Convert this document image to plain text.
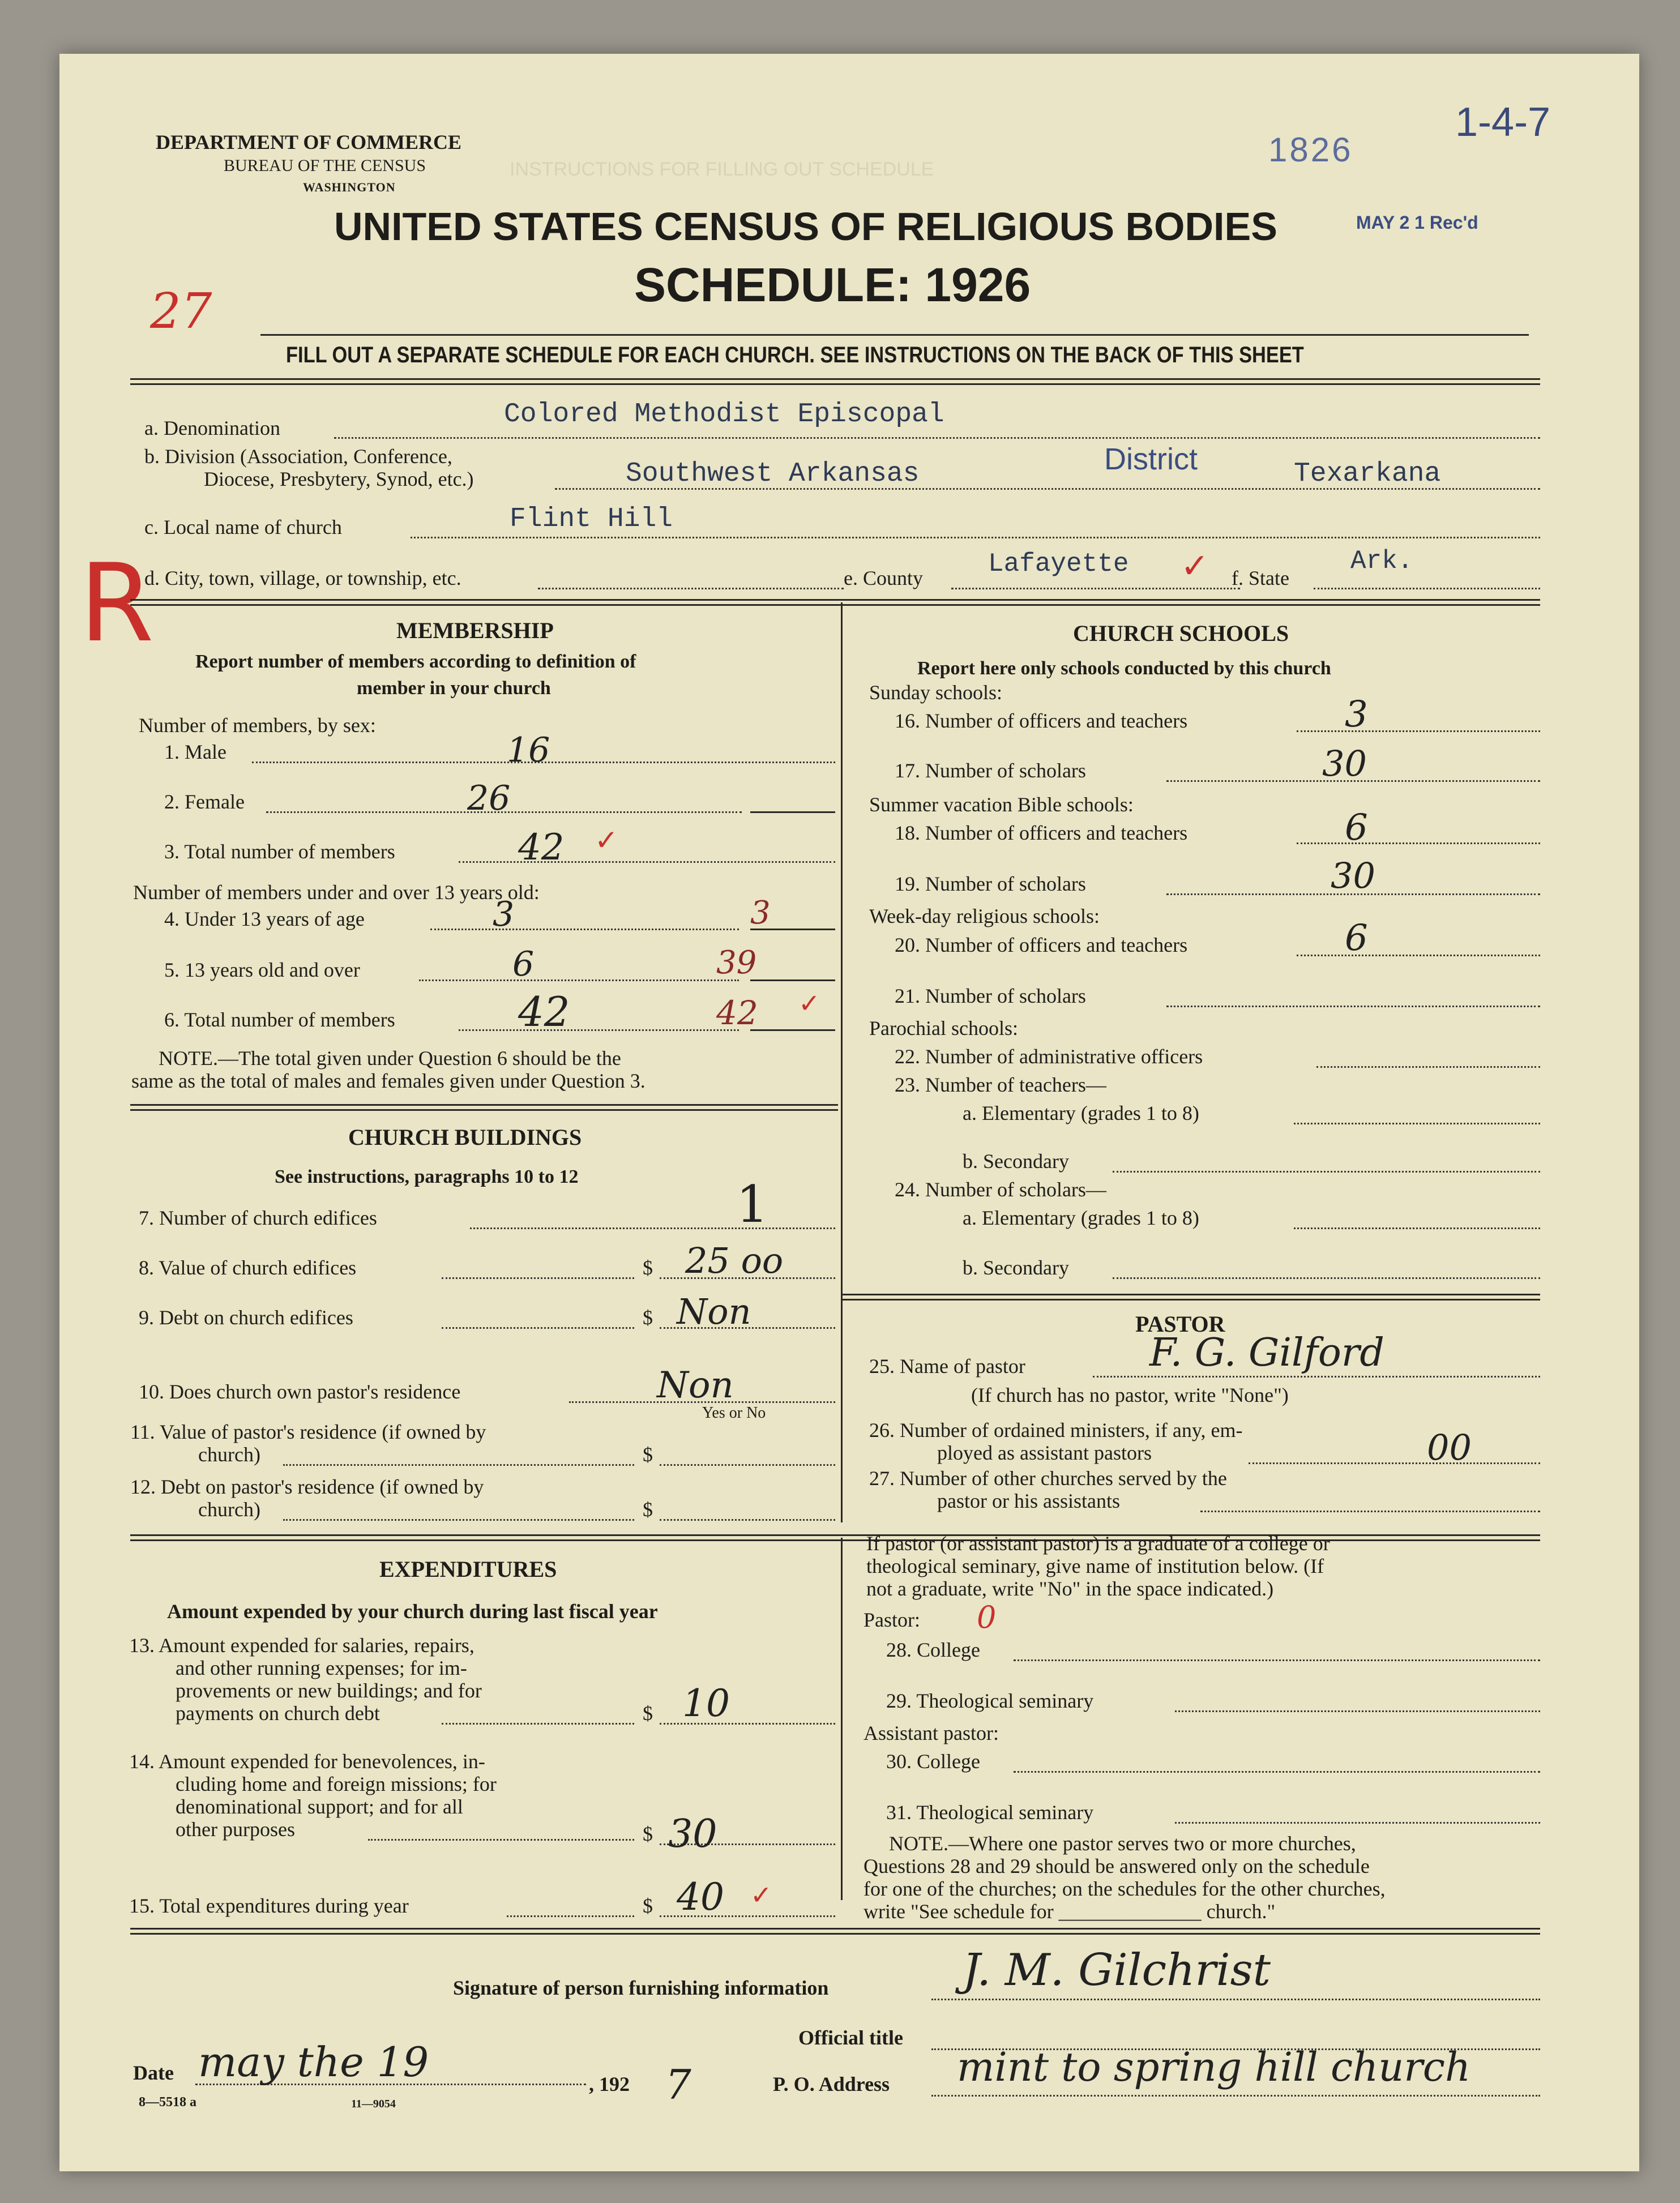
INSTRUCTIONS FOR FILLING OUT SCHEDULE
DEPARTMENT OF COMMERCE
BUREAU OF THE CENSUS
WASHINGTON
UNITED STATES CENSUS OF RELIGIOUS BODIES
SCHEDULE: 1926
1-4-7
1826
MAY 2 1 Rec'd
27
R
FILL OUT A SEPARATE SCHEDULE FOR EACH CHURCH. SEE INSTRUCTIONS ON THE BACK OF THIS SHEET
a. Denomination	Colored Methodist Episcopal
b. Division (Association, Conference,
Diocese, Presbytery, Synod, etc.)	Southwest Arkansas	District	Texarkana
c. Local name of church	Flint Hill
d. City, town, village, or township, etc.	e. County	Lafayette ✓ f. State
Ark.
MEMBERSHIP
Report number of members according to definition of
member in your church
Number of members, by sex:
1. Male	16
2. Female	26
3. Total number of members	42 ✓
Number of members under and over 13 years old:
4. Under 13 years of age	3	3
5. 13 years old and over	6	39
6. Total number of members	42	42 ✓
NOTE.—The total given under Question 6 should be the
same as the total of males and females given under Question 3.
CHURCH BUILDINGS
See instructions, paragraphs 10 to 12
7. Number of church edifices	1
8. Value of church edifices	$ 25 oo
9. Debt on church edifices	$ Non
10. Does church own pastor's residence	Non
Yes or No
11. Value of pastor's residence (if owned by
church)	$
12. Debt on pastor's residence (if owned by
church)	$
EXPENDITURES
Amount expended by your church during last fiscal year
13. Amount expended for salaries, repairs,
and other running expenses; for im-
provements or new buildings; and for
payments on church debt	$ 10
14. Amount expended for benevolences, in-
cluding home and foreign missions; for
denominational support; and for all
other purposes	$ 30
15. Total expenditures during year	$ 40 ✓
CHURCH SCHOOLS
Report here only schools conducted by this church
Sunday schools:
16. Number of officers and teachers	3
17. Number of scholars	30
Summer vacation Bible schools:
18. Number of officers and teachers	6
19. Number of scholars	30
Week-day religious schools:
20. Number of officers and teachers	6
21. Number of scholars
Parochial schools:
22. Number of administrative officers
23. Number of teachers—
a. Elementary (grades 1 to 8)
b. Secondary
24. Number of scholars—
a. Elementary (grades 1 to 8)
b. Secondary
PASTOR
25. Name of pastor	F. G. Gilford
(If church has no pastor, write "None")
26. Number of ordained ministers, if any, em-
ployed as assistant pastors	00
27. Number of other churches served by the
pastor or his assistants
If pastor (or assistant pastor) is a graduate of a college or
theological seminary, give name of institution below. (If
not a graduate, write "No" in the space indicated.)
Pastor: 0
28. College
29. Theological seminary
Assistant pastor:
30. College
31. Theological seminary
NOTE.—Where one pastor serves two or more churches,
Questions 28 and 29 should be answered only on the schedule
for one of the churches; on the schedules for the other churches,
write "See schedule for ______________ church."
Signature of person furnishing information	J. M. Gilchrist
Official title
Date may the 19	, 192 7	P. O. Address mint to spring hill church
8—5518 a	11—9054
